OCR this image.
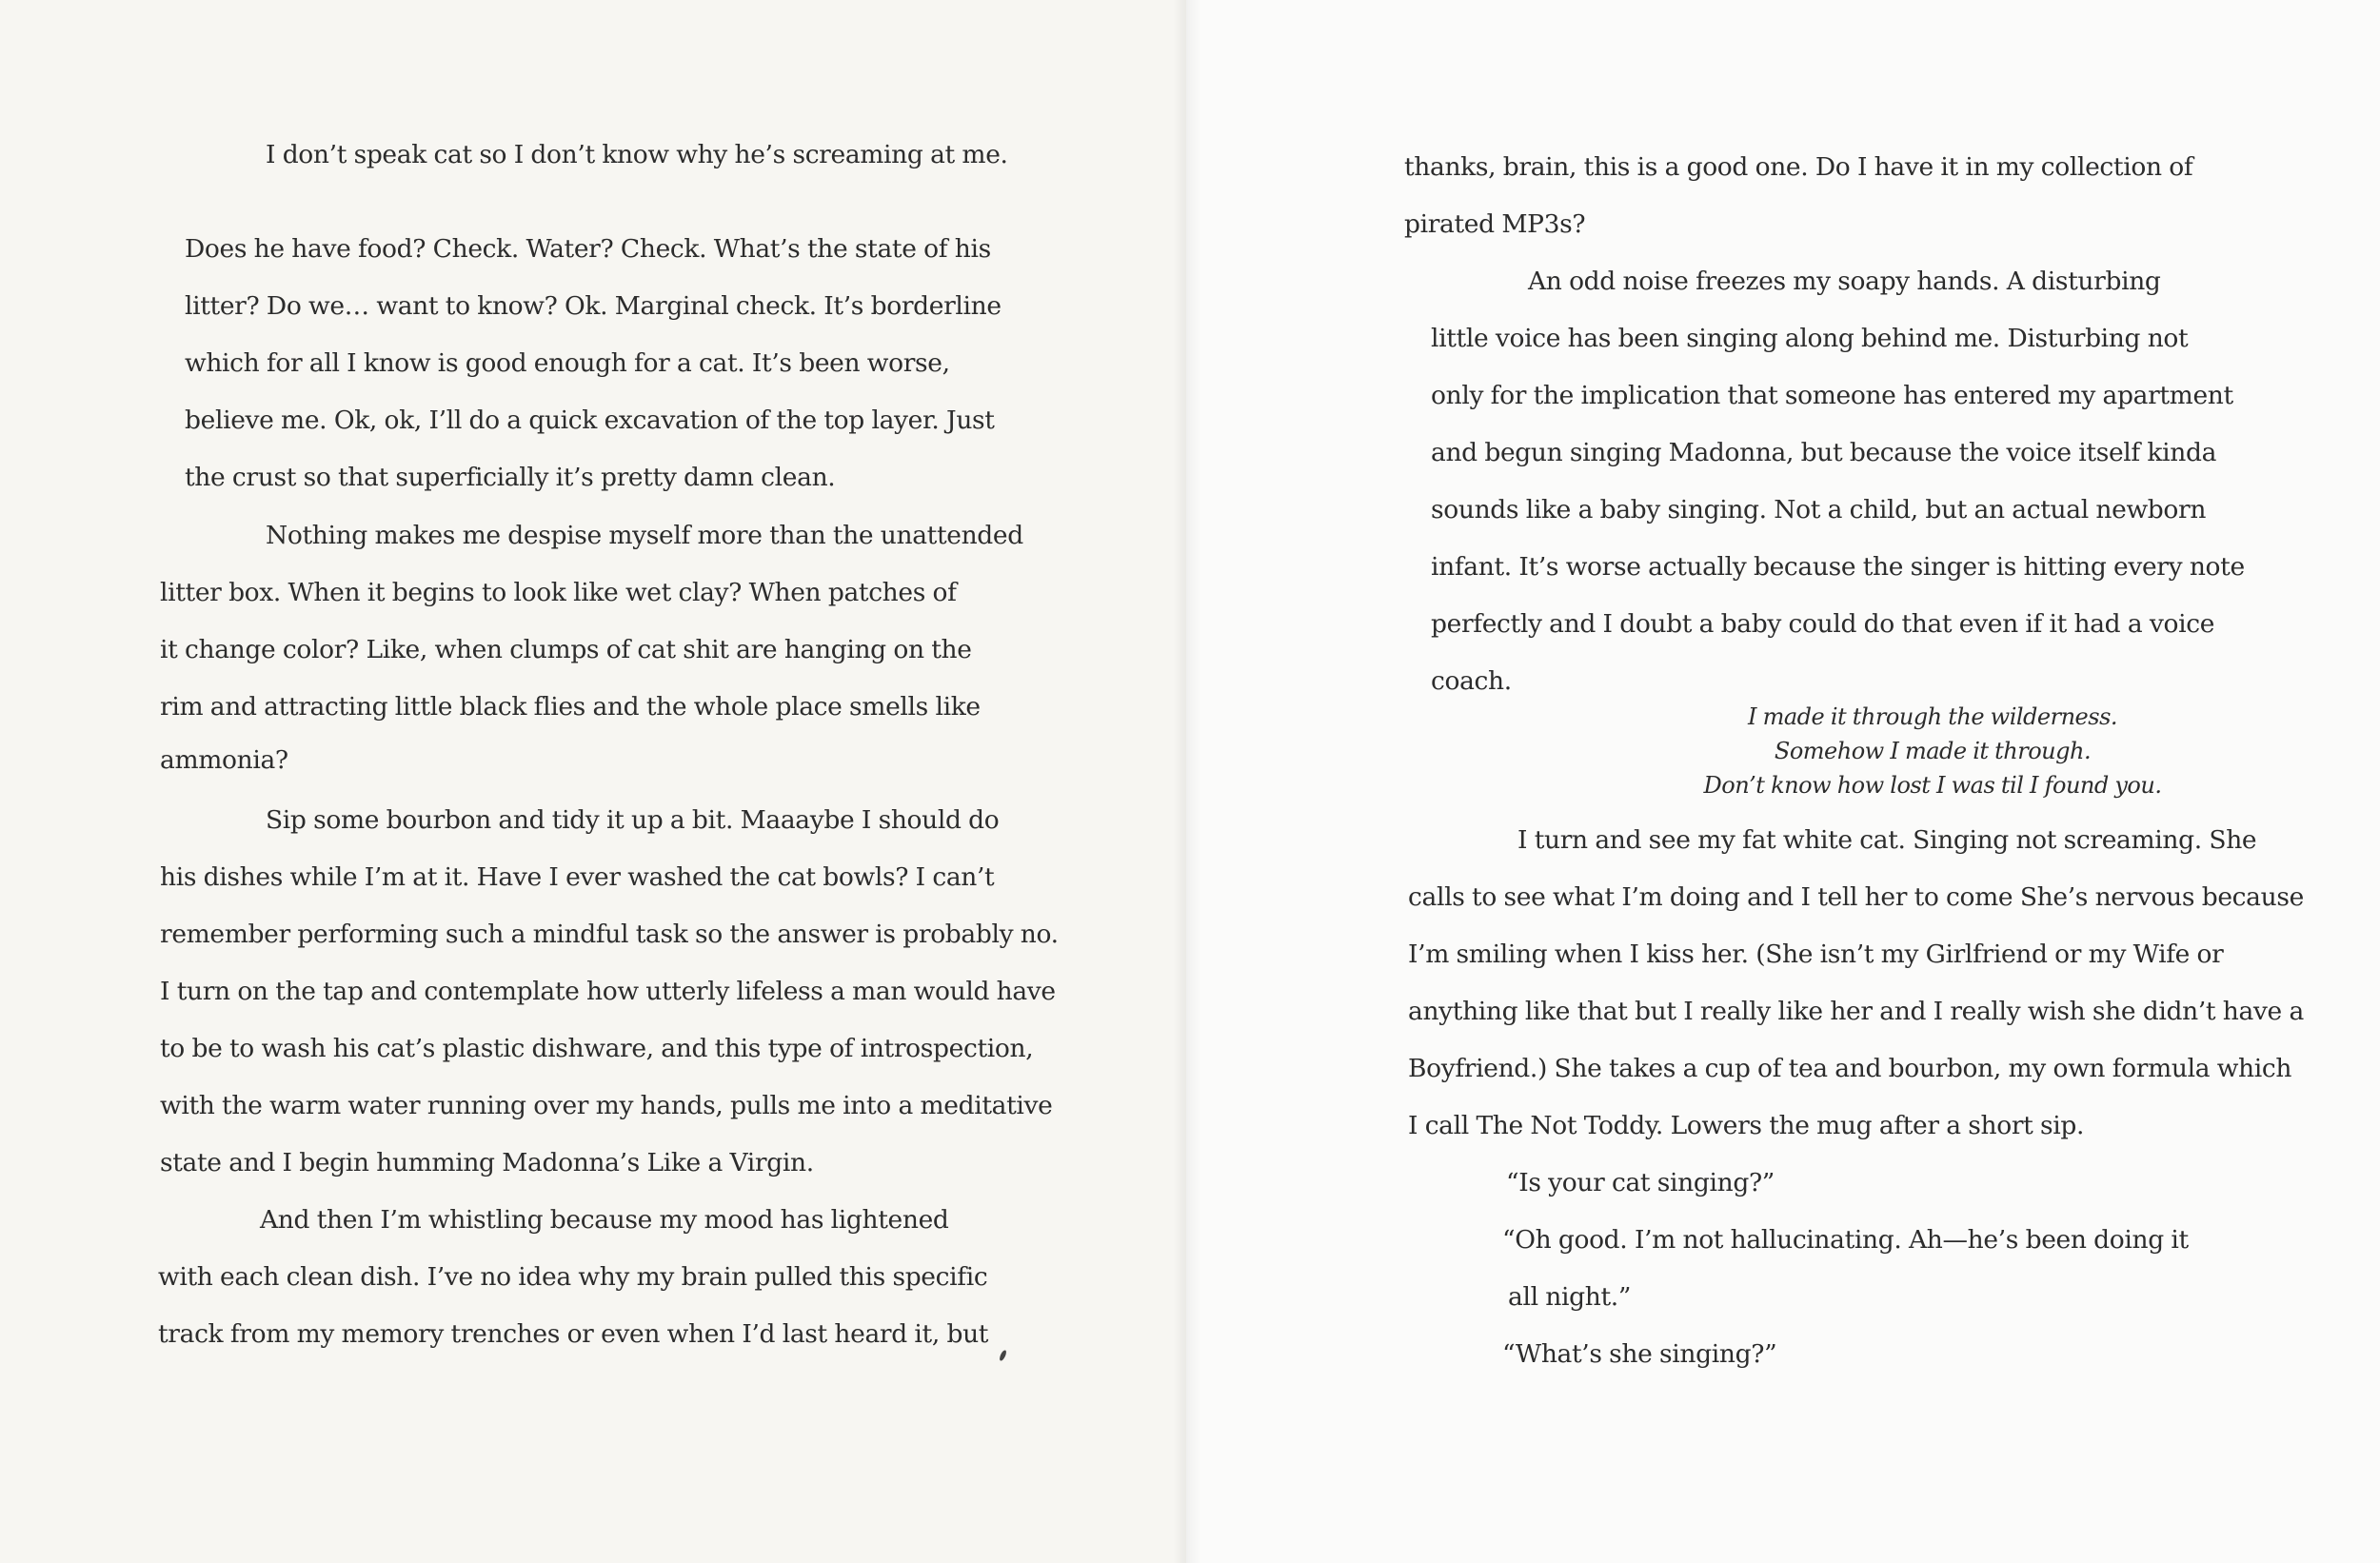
I don’t speak cat so I don’t know why he’s screaming at me.

Does he have food? Check. Water? Check. What’s the state of his

litter? Do we… want to know? Ok. Marginal check. It’s borderline

which for all I know is good enough for a cat. It’s been worse,

believe me. Ok, ok, I’ll do a quick excavation of the top layer. Just

the crust so that superficially it’s pretty damn clean.

Nothing makes me despise myself more than the unattended

litter box. When it begins to look like wet clay? When patches of

it change color? Like, when clumps of cat shit are hanging on the

rim and attracting little black flies and the whole place smells like

ammonia?

Sip some bourbon and tidy it up a bit. Maaaybe I should do

his dishes while I’m at it. Have I ever washed the cat bowls? I can’t

remember performing such a mindful task so the answer is probably no.

I turn on the tap and contemplate how utterly lifeless a man would have

to be to wash his cat’s plastic dishware, and this type of introspection,

with the warm water running over my hands, pulls me into a meditative

state and I begin humming Madonna’s Like a Virgin.

And then I’m whistling because my mood has lightened

with each clean dish. I’ve no idea why my brain pulled this specific

track from my memory trenches or even when I’d last heard it, but

thanks, brain, this is a good one. Do I have it in my collection of

pirated MP3s?

An odd noise freezes my soapy hands. A disturbing

little voice has been singing along behind me. Disturbing not

only for the implication that someone has entered my apartment

and begun singing Madonna, but because the voice itself kinda

sounds like a baby singing. Not a child, but an actual newborn

infant. It’s worse actually because the singer is hitting every note

perfectly and I doubt a baby could do that even if it had a voice

coach.

I made it through the wilderness.

Somehow I made it through.

Don’t know how lost I was til I found you.

I turn and see my fat white cat. Singing not screaming. She

calls to see what I’m doing and I tell her to come She’s nervous because

I’m smiling when I kiss her. (She isn’t my Girlfriend or my Wife or

anything like that but I really like her and I really wish she didn’t have a

Boyfriend.) She takes a cup of tea and bourbon, my own formula which

I call The Not Toddy. Lowers the mug after a short sip.

“Is your cat singing?”

“Oh good. I’m not hallucinating. Ah—he’s been doing it

all night.”

“What’s she singing?”
